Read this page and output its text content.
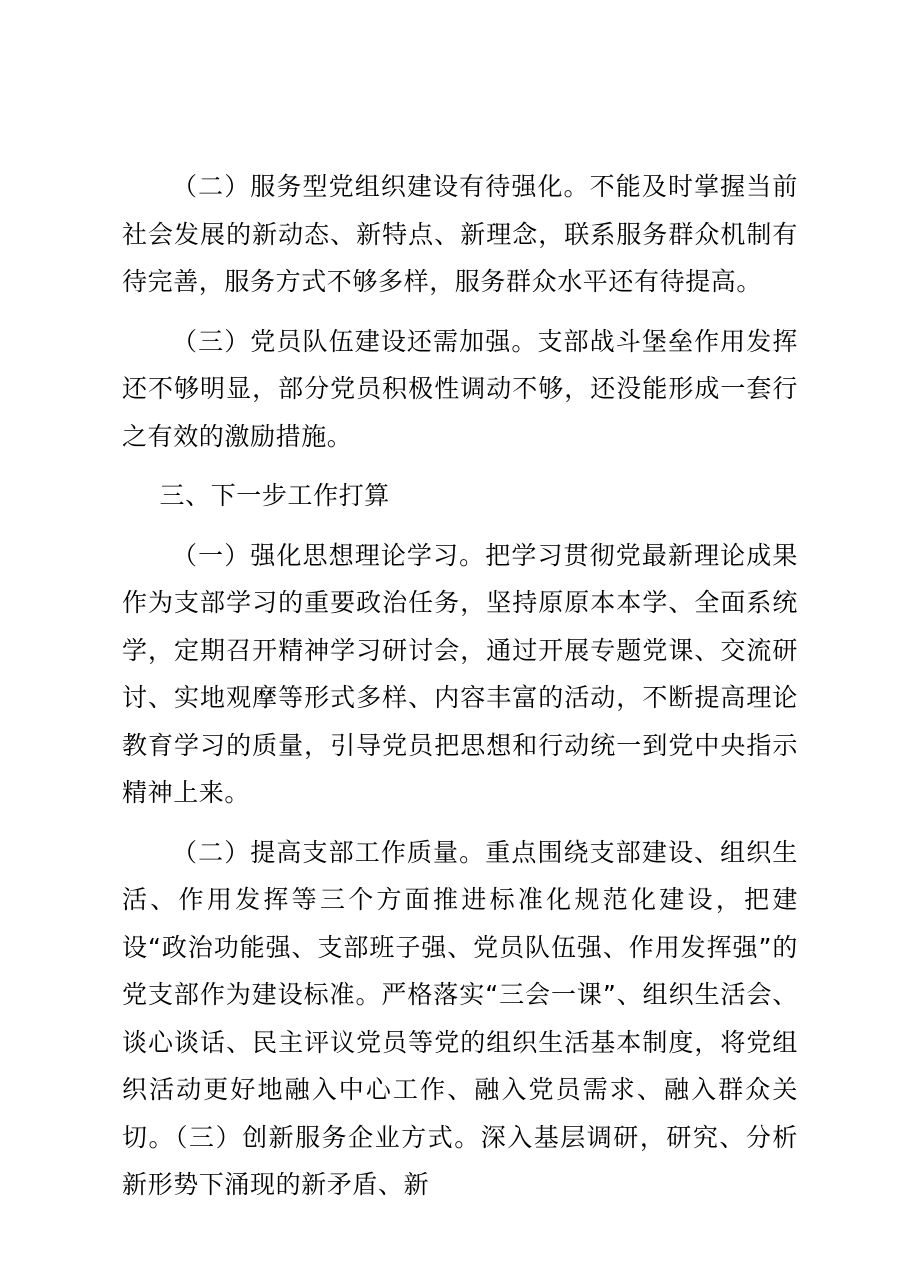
（二）服务型党组织建设有待强化。不能及时掌握当前社会发展的新动态、新特点、新理念，联系服务群众机制有待完善，服务方式不够多样，服务群众水平还有待提高。

（三）党员队伍建设还需加强。支部战斗堡垒作用发挥还不够明显，部分党员积极性调动不够，还没能形成一套行之有效的激励措施。

三、下一步工作打算

（一）强化思想理论学习。把学习贯彻党最新理论成果作为支部学习的重要政治任务，坚持原原本本学、全面系统学，定期召开精神学习研讨会，通过开展专题党课、交流研讨、实地观摩等形式多样、内容丰富的活动，不断提高理论教育学习的质量，引导党员把思想和行动统一到党中央指示精神上来。

（二）提高支部工作质量。重点围绕支部建设、组织生活、作用发挥等三个方面推进标准化规范化建设，把建设“政治功能强、支部班子强、党员队伍强、作用发挥强”的党支部作为建设标准。严格落实“三会一课”、组织生活会、谈心谈话、民主评议党员等党的组织生活基本制度，将党组织活动更好地融入中心工作、融入党员需求、融入群众关切。（三）创新服务企业方式。深入基层调研，研究、分析新形势下涌现的新矛盾、新
